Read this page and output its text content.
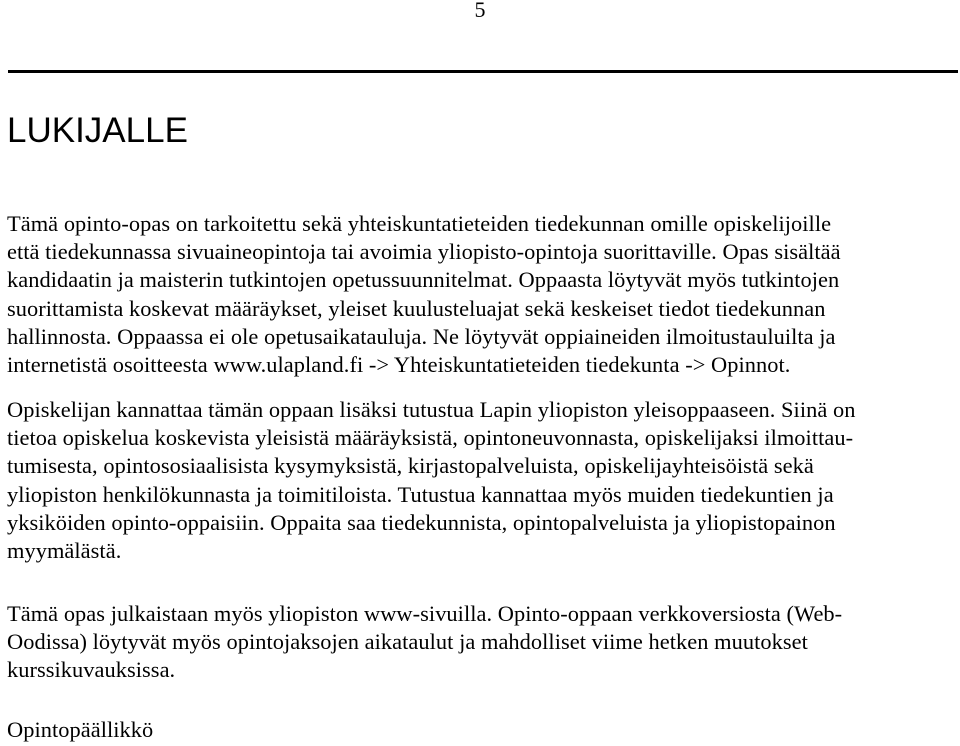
5
LUKIJALLE
Tämä opinto-opas on tarkoitettu sekä yhteiskuntatieteiden tiedekunnan omille opiskelijoille
että tiedekunnassa sivuaineopintoja tai avoimia yliopisto-opintoja suorittaville. Opas sisältää
kandidaatin ja maisterin tutkintojen opetussuunnitelmat. Oppaasta löytyvät myös tutkintojen
suorittamista koskevat määräykset, yleiset kuulusteluajat sekä keskeiset tiedot tiedekunnan
hallinnosta. Oppaassa ei ole opetusaikatauluja. Ne löytyvät oppiaineiden ilmoitustauluilta ja
internetistä osoitteesta www.ulapland.fi -> Yhteiskuntatieteiden tiedekunta -> Opinnot.
Opiskelijan kannattaa tämän oppaan lisäksi tutustua Lapin yliopiston yleisoppaaseen. Siinä on
tietoa opiskelua koskevista yleisistä määräyksistä, opintoneuvonnasta, opiskelijaksi ilmoittau-
tumisesta, opintososiaalisista kysymyksistä, kirjastopalveluista, opiskelijayhteisöistä sekä
yliopiston henkilökunnasta ja toimitiloista. Tutustua kannattaa myös muiden tiedekuntien ja
yksiköiden opinto-oppaisiin. Oppaita saa tiedekunnista, opintopalveluista ja yliopistopainon
myymälästä.
Tämä opas julkaistaan myös yliopiston www-sivuilla. Opinto-oppaan verkkoversiosta (Web-
Oodissa) löytyvät myös opintojaksojen aikataulut ja mahdolliset viime hetken muutokset
kurssikuvauksissa.
Opintopäällikkö
